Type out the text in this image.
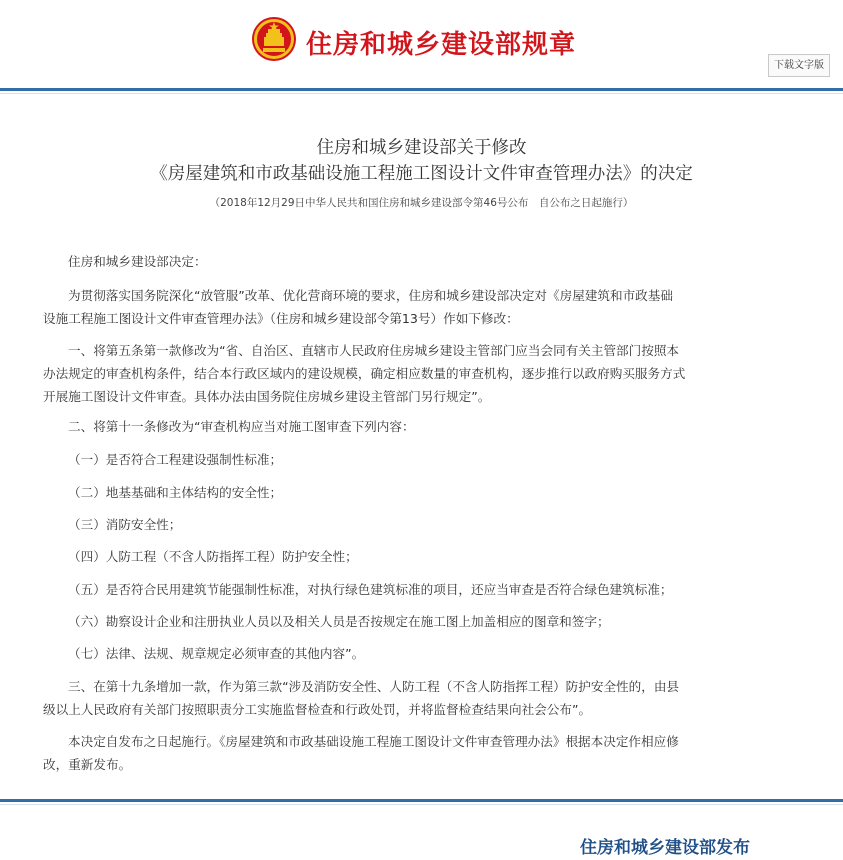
住房和城乡建设部规章
下载文字版
住房和城乡建设部关于修改
《房屋建筑和市政基础设施工程施工图设计文件审查管理办法》的决定
（2018年12月29日中华人民共和国住房和城乡建设部令第46号公布　自公布之日起施行）
住房和城乡建设部决定：
为贯彻落实国务院深化“放管服”改革、优化营商环境的要求，住房和城乡建设部决定对《房屋建筑和市政基础
设施工程施工图设计文件审查管理办法》（住房和城乡建设部令第13号）作如下修改：
一、将第五条第一款修改为“省、自治区、直辖市人民政府住房城乡建设主管部门应当会同有关主管部门按照本
办法规定的审查机构条件，结合本行政区域内的建设规模，确定相应数量的审查机构，逐步推行以政府购买服务方式
开展施工图设计文件审查。具体办法由国务院住房城乡建设主管部门另行规定”。
二、将第十一条修改为“审查机构应当对施工图审查下列内容：
（一）是否符合工程建设强制性标准；
（二）地基基础和主体结构的安全性；
（三）消防安全性；
（四）人防工程（不含人防指挥工程）防护安全性；
（五）是否符合民用建筑节能强制性标准，对执行绿色建筑标准的项目，还应当审查是否符合绿色建筑标准；
（六）勘察设计企业和注册执业人员以及相关人员是否按规定在施工图上加盖相应的图章和签字；
（七）法律、法规、规章规定必须审查的其他内容”。
三、在第十九条增加一款，作为第三款“涉及消防安全性、人防工程（不含人防指挥工程）防护安全性的，由县
级以上人民政府有关部门按照职责分工实施监督检查和行政处罚，并将监督检查结果向社会公布”。
本决定自发布之日起施行。《房屋建筑和市政基础设施工程施工图设计文件审查管理办法》根据本决定作相应修
改，重新发布。
住房和城乡建设部发布
